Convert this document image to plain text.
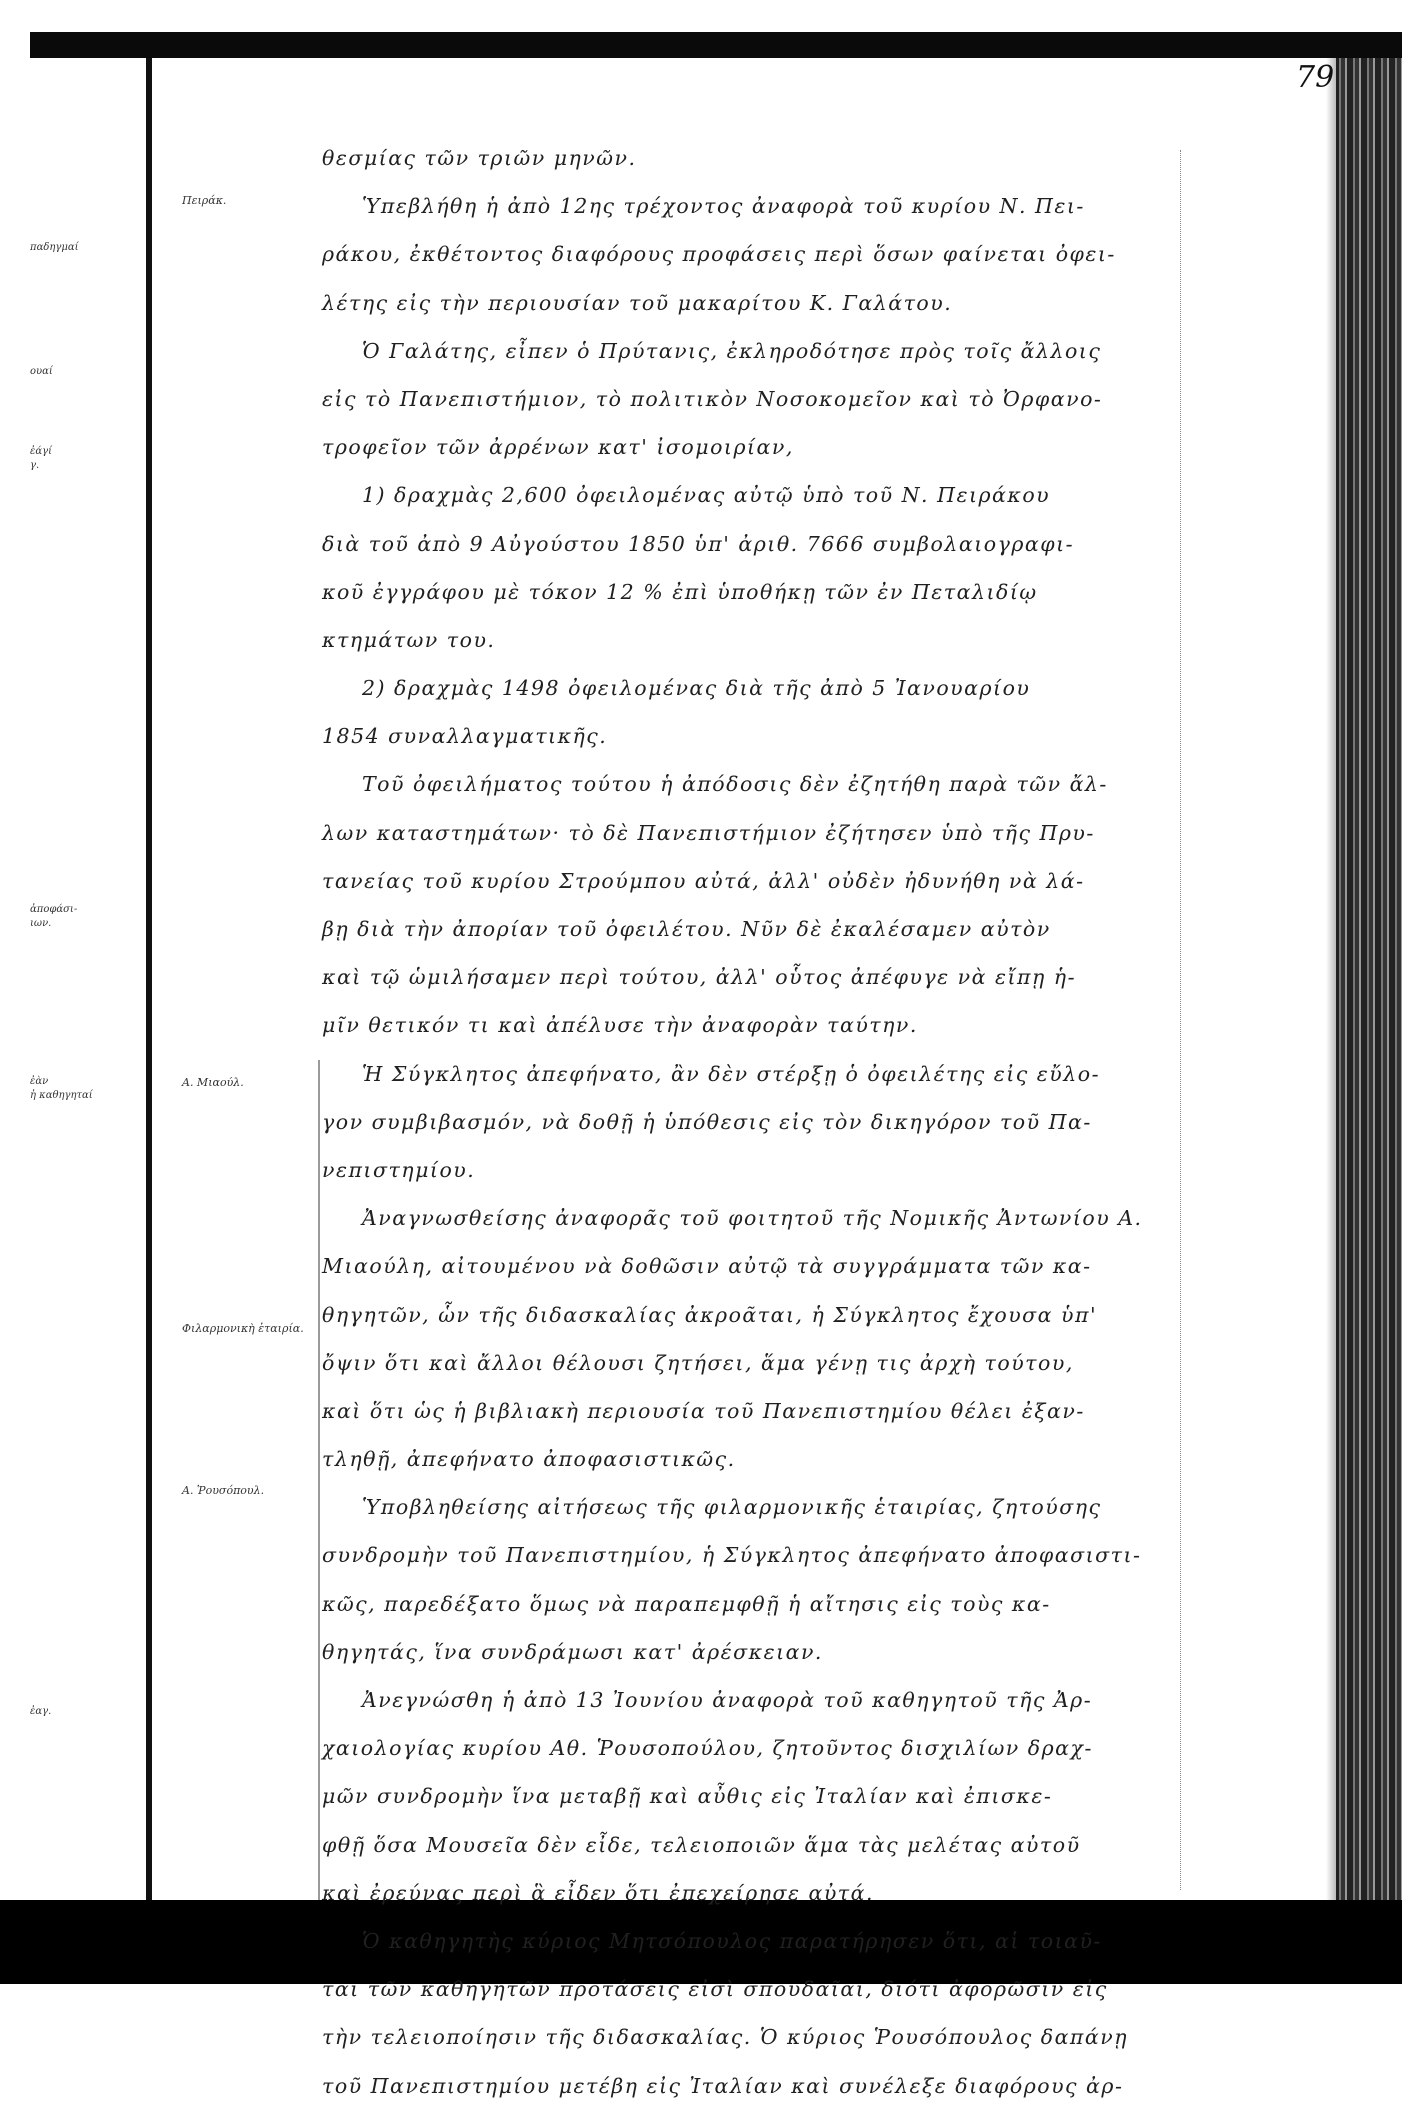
79
παδηγμαί
ουαί
ἐάγί
γ.
ἀποφάσι-
ιων.
ἐὰν
ἡ καθηγηταί
ἐαγ.
Πειράκ.
Α. Μιαούλ.
Φιλαρμονικὴ ἑταιρία.
Α. Ῥουσόπουλ.
θεσμίας τῶν τριῶν μηνῶν.
Ὑπεβλήθη ἡ ἀπὸ 12ης τρέχοντος ἀναφορὰ τοῦ κυρίου Ν. Πει-
ράκου, ἐκθέτοντος διαφόρους προφάσεις περὶ ὅσων φαίνεται ὀφει-
λέτης εἰς τὴν περιουσίαν τοῦ μακαρίτου Κ. Γαλάτου.
Ὁ Γαλάτης, εἶπεν ὁ Πρύτανις, ἐκληροδότησε πρὸς τοῖς ἄλλοις
εἰς τὸ Πανεπιστήμιον, τὸ πολιτικὸν Νοσοκομεῖον καὶ τὸ Ὀρφανο-
τροφεῖον τῶν ἀρρένων κατ' ἰσομοιρίαν,
1) δραχμὰς 2,600 ὀφειλομένας αὐτῷ ὑπὸ τοῦ Ν. Πειράκου
διὰ τοῦ ἀπὸ 9 Αὐγούστου 1850 ὑπ' ἀριθ. 7666 συμβολαιογραφι-
κοῦ ἐγγράφου μὲ τόκον 12 % ἐπὶ ὑποθήκῃ τῶν ἐν Πεταλιδίῳ
κτημάτων του.
2) δραχμὰς 1498 ὀφειλομένας διὰ τῆς ἀπὸ 5 Ἰανουαρίου
1854 συναλλαγματικῆς.
Τοῦ ὀφειλήματος τούτου ἡ ἀπόδοσις δὲν ἐζητήθη παρὰ τῶν ἄλ-
λων καταστημάτων· τὸ δὲ Πανεπιστήμιον ἐζήτησεν ὑπὸ τῆς Πρυ-
τανείας τοῦ κυρίου Στρούμπου αὐτά, ἀλλ' οὐδὲν ἠδυνήθη νὰ λά-
βῃ διὰ τὴν ἀπορίαν τοῦ ὀφειλέτου. Νῦν δὲ ἐκαλέσαμεν αὐτὸν
καὶ τῷ ὡμιλήσαμεν περὶ τούτου, ἀλλ' οὗτος ἀπέφυγε νὰ εἴπῃ ἡ-
μῖν θετικόν τι καὶ ἀπέλυσε τὴν ἀναφορὰν ταύτην.
Ἡ Σύγκλητος ἀπεφήνατο, ἂν δὲν στέρξῃ ὁ ὀφειλέτης εἰς εὔλο-
γον συμβιβασμόν, νὰ δοθῇ ἡ ὑπόθεσις εἰς τὸν δικηγόρον τοῦ Πα-
νεπιστημίου.
Ἀναγνωσθείσης ἀναφορᾶς τοῦ φοιτητοῦ τῆς Νομικῆς Ἀντωνίου Α.
Μιαούλη, αἰτουμένου νὰ δοθῶσιν αὐτῷ τὰ συγγράμματα τῶν κα-
θηγητῶν, ὧν τῆς διδασκαλίας ἀκροᾶται, ἡ Σύγκλητος ἔχουσα ὑπ'
ὄψιν ὅτι καὶ ἄλλοι θέλουσι ζητήσει, ἅμα γένῃ τις ἀρχὴ τούτου,
καὶ ὅτι ὡς ἡ βιβλιακὴ περιουσία τοῦ Πανεπιστημίου θέλει ἐξαν-
τληθῇ, ἀπεφήνατο ἀποφασιστικῶς.
Ὑποβληθείσης αἰτήσεως τῆς φιλαρμονικῆς ἑταιρίας, ζητούσης
συνδρομὴν τοῦ Πανεπιστημίου, ἡ Σύγκλητος ἀπεφήνατο ἀποφασιστι-
κῶς, παρεδέξατο ὅμως νὰ παραπεμφθῇ ἡ αἴτησις εἰς τοὺς κα-
θηγητάς, ἵνα συνδράμωσι κατ' ἀρέσκειαν.
Ἀνεγνώσθη ἡ ἀπὸ 13 Ἰουνίου ἀναφορὰ τοῦ καθηγητοῦ τῆς Ἀρ-
χαιολογίας κυρίου Αθ. Ῥουσοπούλου, ζητοῦντος δισχιλίων δραχ-
μῶν συνδρομὴν ἵνα μεταβῇ καὶ αὖθις εἰς Ἰταλίαν καὶ ἐπισκε-
φθῇ ὅσα Μουσεῖα δὲν εἶδε, τελειοποιῶν ἅμα τὰς μελέτας αὐτοῦ
καὶ ἐρεύνας περὶ ἃ εἶδεν ὅτι ἐπεχείρησε αὐτά.
Ὁ καθηγητὴς κύριος Μητσόπουλος παρατήρησεν ὅτι, αἱ τοιαῦ-
ται τῶν καθηγητῶν προτάσεις εἰσὶ σπουδαῖαι, διότι ἀφορῶσιν εἰς
τὴν τελειοποίησιν τῆς διδασκαλίας. Ὁ κύριος Ῥουσόπουλος δαπάνῃ
τοῦ Πανεπιστημίου μετέβη εἰς Ἰταλίαν καὶ συνέλεξε διαφόρους ἀρ-
